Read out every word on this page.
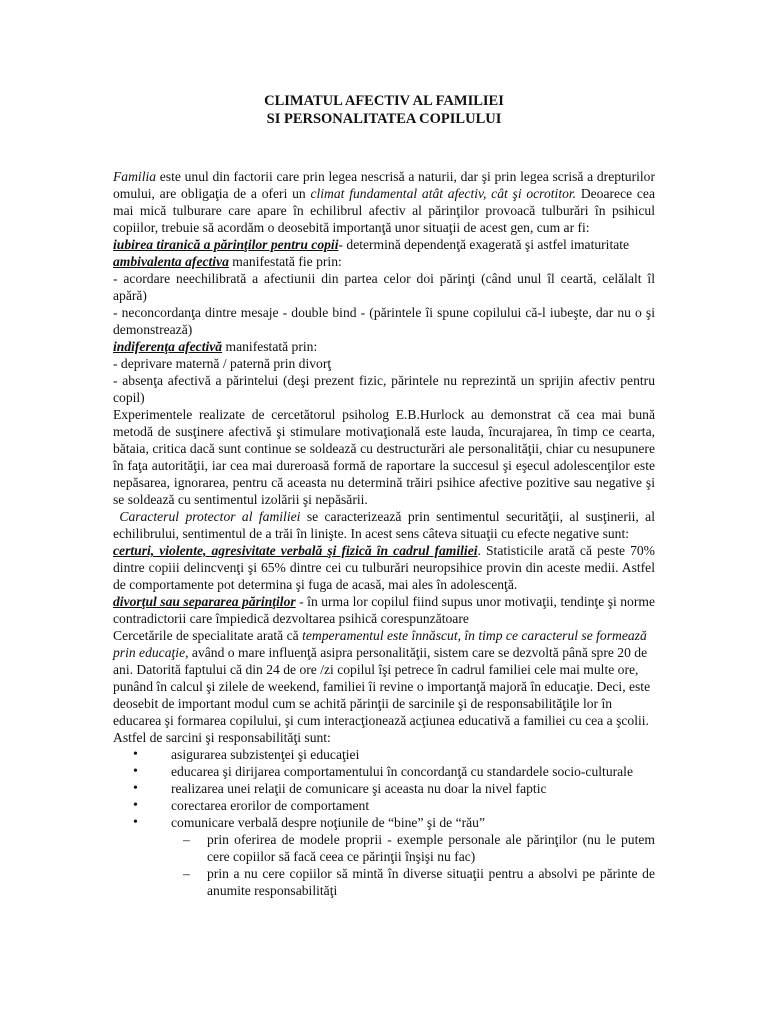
CLIMATUL AFECTIV AL FAMILIEI
SI PERSONALITATEA COPILULUI

Familia este unul din factorii care prin legea nescrisă a naturii, dar şi prin legea scrisă a drepturilor omului, are obligaţia de a oferi un climat fundamental atât afectiv, cât şi ocrotitor. Deoarece cea mai mică tulburare care apare în echilibrul afectiv al părinţilor provoacă tulburări în psihicul copiilor, trebuie să acordăm o deosebită importanţă unor situaţii de acest gen, cum ar fi:

iubirea tiranică a părinţilor pentru copii- determină dependenţă exagerată şi astfel imaturitate

ambivalenta afectiva manifestată fie prin:

- acordare neechilibrată a afectiunii din partea celor doi părinţi (când unul îl ceartă, celălalt îl apără)

- neconcordanţa dintre mesaje - double bind - (părintele îi spune copilului că-l iubeşte, dar nu o şi demonstrează)

indiferenţa afectivă manifestată prin:

- deprivare maternă / paternă prin divorţ

- absenţa afectivă a părintelui (deşi prezent fizic, părintele nu reprezintă un sprijin afectiv pentru copil)

Experimentele realizate de cercetătorul psiholog E.B.Hurlock au demonstrat că cea mai bună metodă de susţinere afectivă şi stimulare motivaţională este lauda, încurajarea, în timp ce cearta, bătaia, critica dacă sunt continue se soldează cu destructurări ale personalităţii, chiar cu nesupunere în faţa autorităţii, iar cea mai dureroasă formă de raportare la succesul şi eşecul adolescenţilor este nepăsarea, ignorarea, pentru că aceasta nu determină trăiri psihice afective pozitive sau negative şi se soldează cu sentimentul izolării şi nepăsării.

Caracterul protector al familiei se caracterizează prin sentimentul securităţii, al susţinerii, al echilibrului, sentimentul de a trăi în linişte. In acest sens câteva situaţii cu efecte negative sunt:

certuri, violente, agresivitate verbală şi fizică în cadrul familiei. Statisticile arată că peste 70% dintre copiii delincvenţi şi 65% dintre cei cu tulburări neuropsihice provin din aceste medii. Astfel de comportamente pot determina şi fuga de acasă, mai ales în adolescenţă.

divorţul sau separarea părinţilor - în urma lor copilul fiind supus unor motivaţii, tendinţe şi norme contradictorii care împiedică dezvoltarea psihică corespunzătoare

Cercetările de specialitate arată că temperamentul este înnăscut, în timp ce caracterul se formează prin educaţie, având o mare influenţă asipra personalităţii, sistem care se dezvoltă până spre 20 de ani. Datorită faptului că din 24 de ore /zi copilul îşi petrece în cadrul familiei cele mai multe ore, punând în calcul şi zilele de weekend, familiei îi revine o importanţă majoră în educaţie. Deci, este deosebit de important modul cum se achită părinţii de sarcinile şi de responsabilităţile lor în educarea şi formarea copilului, şi cum interacţionează acţiunea educativă a familiei cu cea a şcolii.

Astfel de sarcini şi responsabilităţi sunt:

• asigurarea subzistenţei şi educaţiei
• educarea şi dirijarea comportamentului în concordanţă cu standardele socio-culturale
• realizarea unei relaţii de comunicare şi aceasta nu doar la nivel faptic
• corectarea erorilor de comportament
• comunicare verbală despre noţiunile de “bine” şi de “rău”
– prin oferirea de modele proprii - exemple personale ale părinţilor (nu le putem cere copiilor să facă ceea ce părinţii înşişi nu fac)
– prin a nu cere copiilor să mintă în diverse situaţii pentru a absolvi pe părinte de anumite responsabilităţi
